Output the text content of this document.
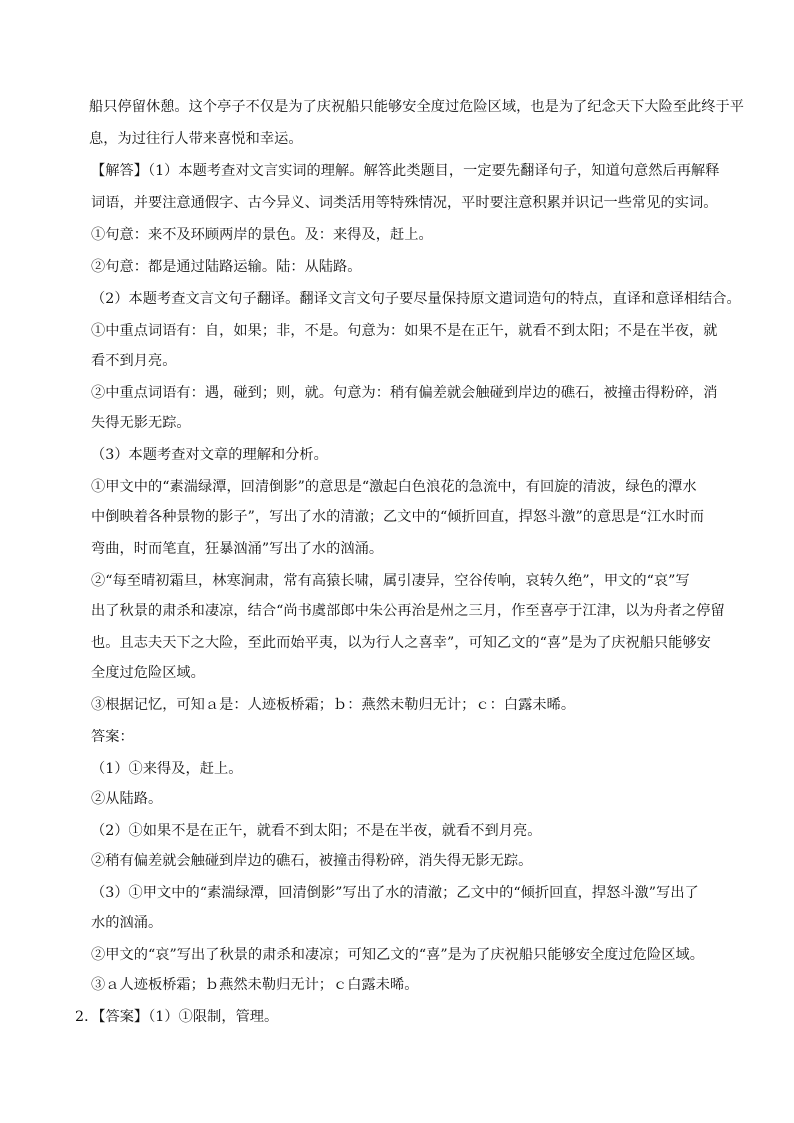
船只停留休憩。这个亭子不仅是为了庆祝船只能够安全度过危险区域，也是为了纪念天下大险至此终于平

息，为过往行人带来喜悦和幸运。

【解答】（1）本题考查对文言实词的理解。解答此类题目，一定要先翻译句子，知道句意然后再解释

词语，并要注意通假字、古今异义、词类活用等特殊情况，平时要注意积累并识记一些常见的实词。

①句意：来不及环顾两岸的景色。及：来得及，赶上。

②句意：都是通过陆路运输。陆：从陆路。

（2）本题考查文言文句子翻译。翻译文言文句子要尽量保持原文遣词造句的特点，直译和意译相结合。

①中重点词语有：自，如果；非，不是。句意为：如果不是在正午，就看不到太阳；不是在半夜，就

看不到月亮。

②中重点词语有：遇，碰到；则，就。句意为：稍有偏差就会触碰到岸边的礁石，被撞击得粉碎，消

失得无影无踪。

（3）本题考查对文章的理解和分析。

①甲文中的“素湍绿潭，回清倒影”的意思是“激起白色浪花的急流中，有回旋的清波，绿色的潭水

中倒映着各种景物的影子”，写出了水的清澈；乙文中的“倾折回直，捍怒斗激”的意思是“江水时而

弯曲，时而笔直，狂暴汹涌”写出了水的汹涌。

②“每至晴初霜旦，林寒涧肃，常有高猿长啸，属引凄异，空谷传响，哀转久绝”，甲文的“哀”写

出了秋景的肃杀和凄凉，结合“尚书虞部郎中朱公再治是州之三月，作至喜亭于江津，以为舟者之停留

也。且志夫天下之大险，至此而始平夷，以为行人之喜幸”，可知乙文的“喜”是为了庆祝船只能够安

全度过危险区域。

③根据记忆，可知ａ是：人迹板桥霜；ｂ：燕然未勒归无计；ｃ：白露未晞。

答案：

（1）①来得及，赶上。

②从陆路。

（2）①如果不是在正午，就看不到太阳；不是在半夜，就看不到月亮。

②稍有偏差就会触碰到岸边的礁石，被撞击得粉碎，消失得无影无踪。

（3）①甲文中的“素湍绿潭，回清倒影”写出了水的清澈；乙文中的“倾折回直，捍怒斗激”写出了

水的汹涌。

②甲文的“哀”写出了秋景的肃杀和凄凉；可知乙文的“喜”是为了庆祝船只能够安全度过危险区域。

③ａ人迹板桥霜；ｂ燕然未勒归无计；ｃ白露未晞。

2．【答案】（1）①限制，管理。
